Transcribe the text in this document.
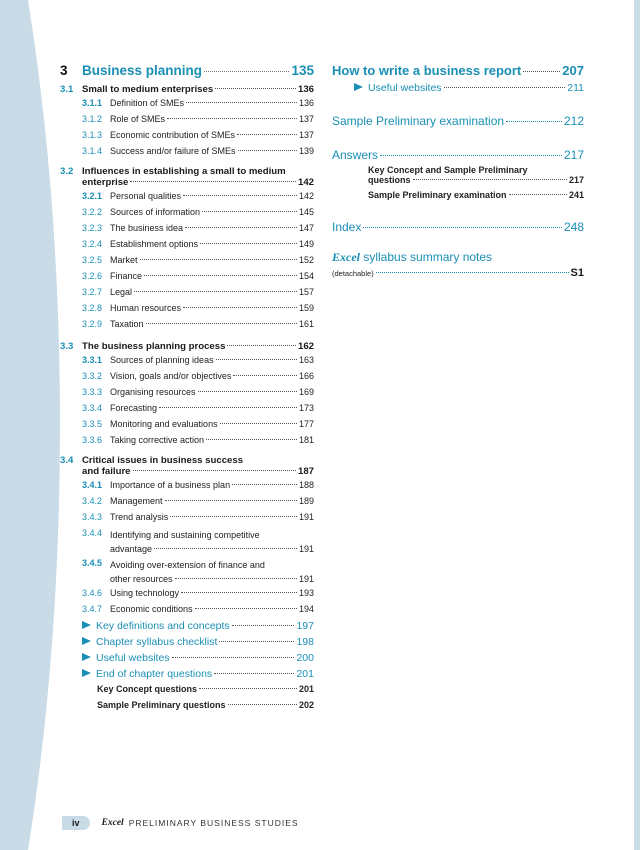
3	Business planning	135
3.1 Small to medium enterprises	136
3.1.1 Definition of SMEs	136
3.1.2 Role of SMEs	137
3.1.3 Economic contribution of SMEs	137
3.1.4 Success and/or failure of SMEs	139
3.2 Influences in establishing a small to medium
enterprise	142
3.2.1 Personal qualities	142
3.2.2 Sources of information	145
3.2.3 The business idea	147
3.2.4 Establishment options	149
3.2.5 Market	152
3.2.6 Finance	154
3.2.7 Legal	157
3.2.8 Human resources	159
3.2.9 Taxation	161
3.3 The business planning process	162
3.3.1 Sources of planning ideas	163
3.3.2 Vision, goals and/or objectives	166
3.3.3 Organising resources	169
3.3.4 Forecasting	173
3.3.5 Monitoring and evaluations	177
3.3.6 Taking corrective action	181
3.4 Critical issues in business success
and failure	187
3.4.1 Importance of a business plan	188
3.4.2 Management	189
3.4.3 Trend analysis	191
3.4.4 Identifying and sustaining competitive
advantage	191
3.4.5 Avoiding over-extension of finance and
other resources	191
3.4.6 Using technology	193
3.4.7 Economic conditions	194
Key definitions and concepts	197
Chapter syllabus checklist	198
Useful websites	200
End of chapter questions	201
Key Concept questions	201
Sample Preliminary questions	202
How to write a business report	207
Useful websites	211
Sample Preliminary examination	212
Answers	217
Key Concept and Sample Preliminary
questions	217
Sample Preliminary examination	241
Index	248
Excel syllabus summary notes
(detachable)	S1
iv	Excel PRELIMINARY BUSINESS STUDIES
